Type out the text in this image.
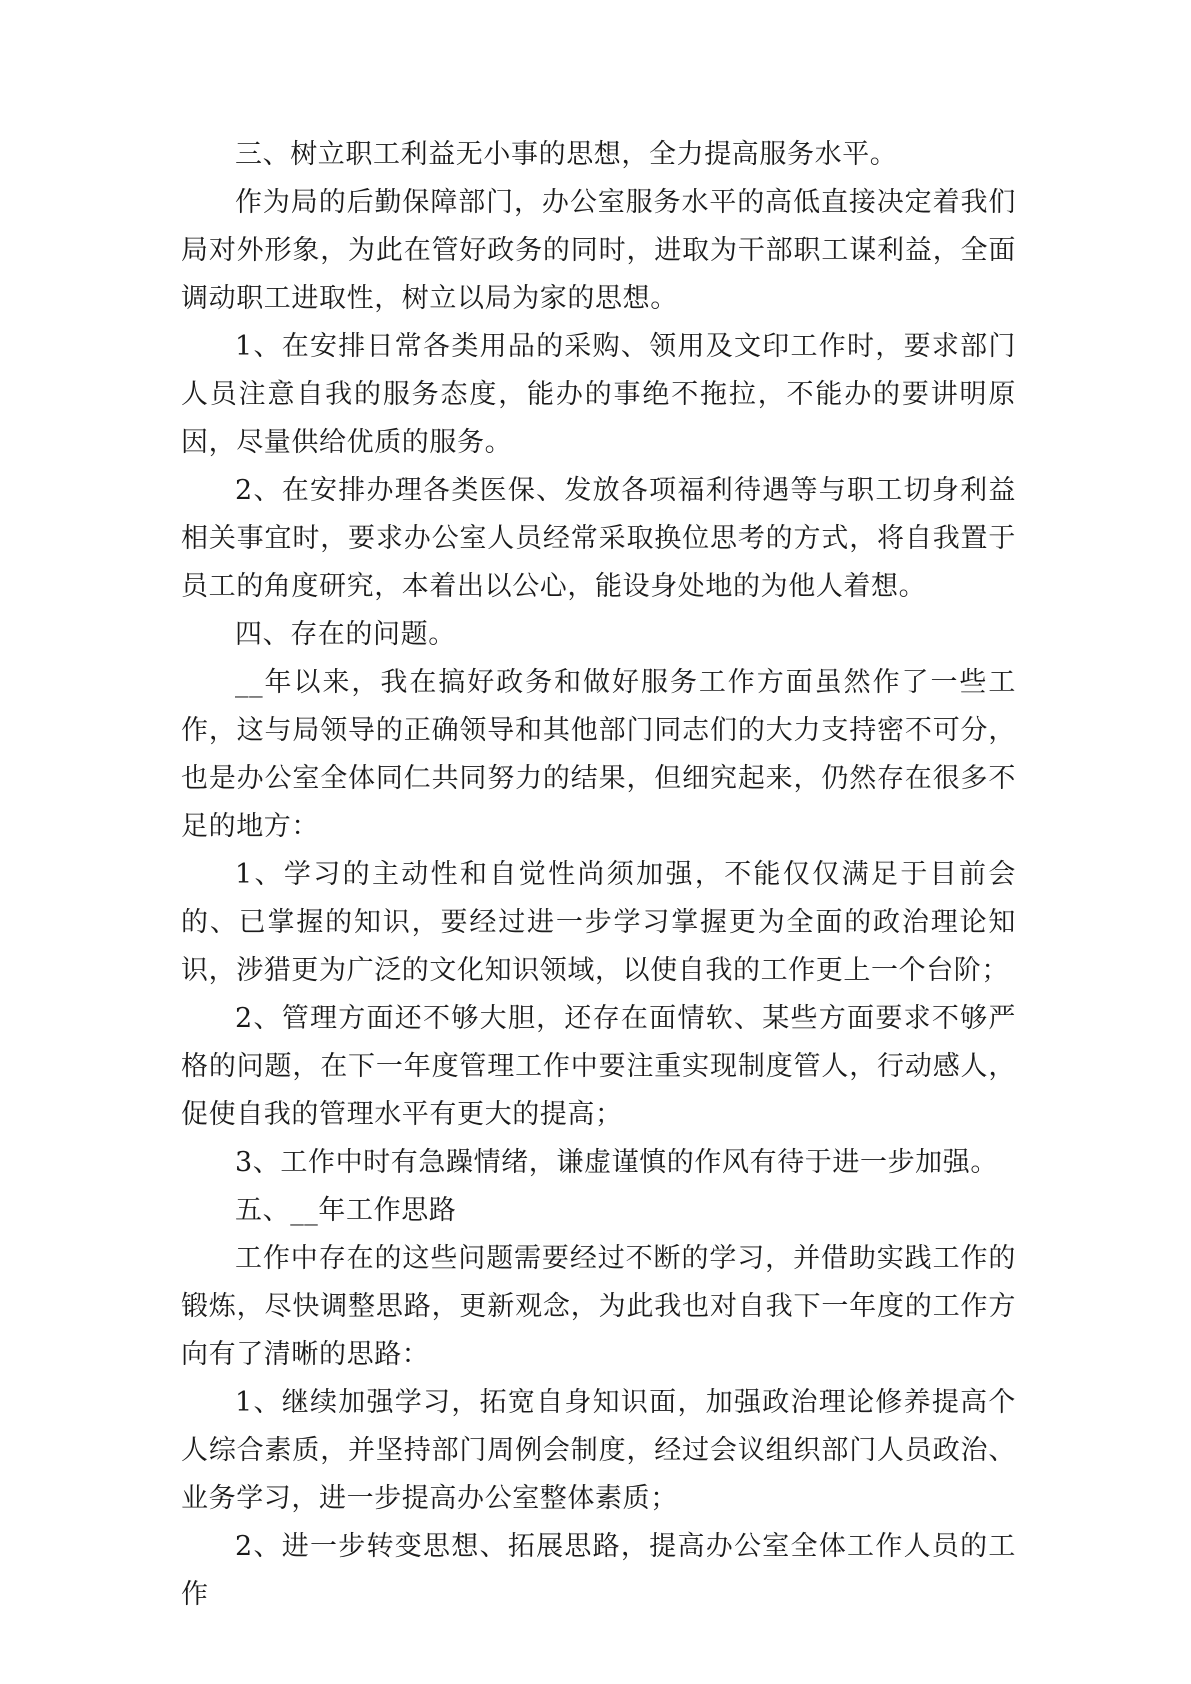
三、树立职工利益无小事的思想，全力提高服务水平。

作为局的后勤保障部门，办公室服务水平的高低直接决定着我们局对外形象，为此在管好政务的同时，进取为干部职工谋利益，全面调动职工进取性，树立以局为家的思想。

1、在安排日常各类用品的采购、领用及文印工作时，要求部门人员注意自我的服务态度，能办的事绝不拖拉，不能办的要讲明原因，尽量供给优质的服务。

2、在安排办理各类医保、发放各项福利待遇等与职工切身利益相关事宜时，要求办公室人员经常采取换位思考的方式，将自我置于员工的角度研究，本着出以公心，能设身处地的为他人着想。

四、存在的问题。

__年以来，我在搞好政务和做好服务工作方面虽然作了一些工作，这与局领导的正确领导和其他部门同志们的大力支持密不可分，也是办公室全体同仁共同努力的结果，但细究起来，仍然存在很多不足的地方：

1、学习的主动性和自觉性尚须加强，不能仅仅满足于目前会的、已掌握的知识，要经过进一步学习掌握更为全面的政治理论知识，涉猎更为广泛的文化知识领域，以使自我的工作更上一个台阶；

2、管理方面还不够大胆，还存在面情软、某些方面要求不够严格的问题，在下一年度管理工作中要注重实现制度管人，行动感人，促使自我的管理水平有更大的提高；

3、工作中时有急躁情绪，谦虚谨慎的作风有待于进一步加强。

五、__年工作思路

工作中存在的这些问题需要经过不断的学习，并借助实践工作的锻炼，尽快调整思路，更新观念，为此我也对自我下一年度的工作方向有了清晰的思路：

1、继续加强学习，拓宽自身知识面，加强政治理论修养提高个人综合素质，并坚持部门周例会制度，经过会议组织部门人员政治、业务学习，进一步提高办公室整体素质；

2、进一步转变思想、拓展思路，提高办公室全体工作人员的工作
